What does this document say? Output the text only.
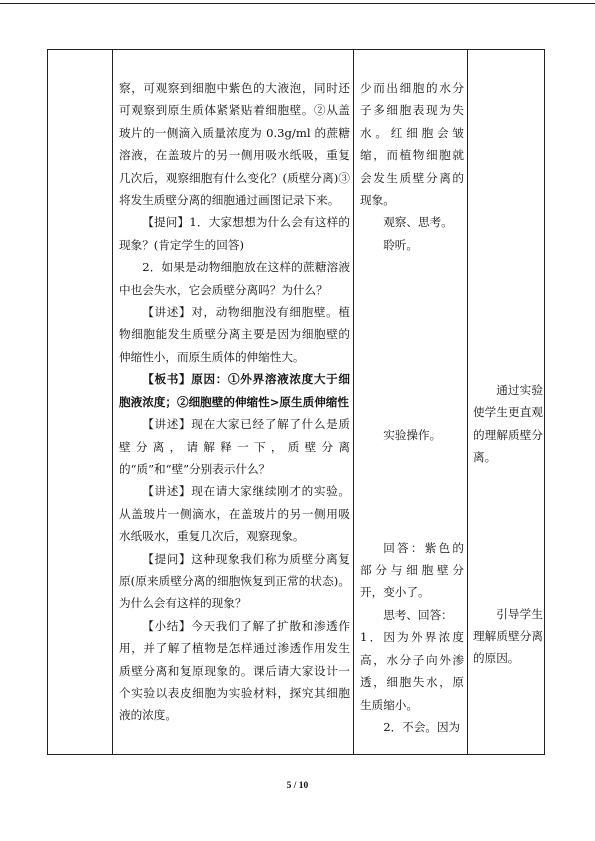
察，可观察到细胞中紫色的大液泡，同时还可观察到原生质体紧紧贴着细胞壁。②从盖玻片的一侧滴入质量浓度为 0.3g/ml 的蔗糖溶液，在盖玻片的另一侧用吸水纸吸，重复几次后，观察细胞有什么变化？(质壁分离)③将发生质壁分离的细胞通过画图记录下来。

【提问】1．大家想想为什么会有这样的现象？(肯定学生的回答)

2．如果是动物细胞放在这样的蔗糖溶液中也会失水，它会质壁分离吗？为什么？

【讲述】对，动物细胞没有细胞壁。植物细胞能发生质壁分离主要是因为细胞壁的伸缩性小，而原生质体的伸缩性大。

【板书】原因：①外界溶液浓度大于细胞液浓度；②细胞壁的伸缩性>原生质伸缩性

【讲述】现在大家已经了解了什么是质壁分离，请解释一下，质壁分离的“质”和“壁”分别表示什么？

【讲述】现在请大家继续刚才的实验。从盖玻片一侧滴水，在盖玻片的另一侧用吸水纸吸水，重复几次后，观察现象。

【提问】这种现象我们称为质壁分离复原(原来质壁分离的细胞恢复到正常的状态)。为什么会有这样的现象？

【小结】今天我们了解了扩散和渗透作用，并了解了植物是怎样通过渗透作用发生质壁分离和复原现象的。课后请大家设计一个实验以表皮细胞为实验材料，探究其细胞液的浓度。

少而出细胞的水分子多细胞表现为失水。红细胞会皱缩，而植物细胞就会发生质壁分离的现象。

观察、思考。

聆听。

实验操作。

回答：紫色的部分与细胞壁分开，变小了。

思考、回答：

1．因为外界浓度高，水分子向外渗透，细胞失水，原生质缩小。

2．不会。因为

通过实验使学生更直观的理解质壁分离。

引导学生理解质壁分离的原因。

5 / 10
